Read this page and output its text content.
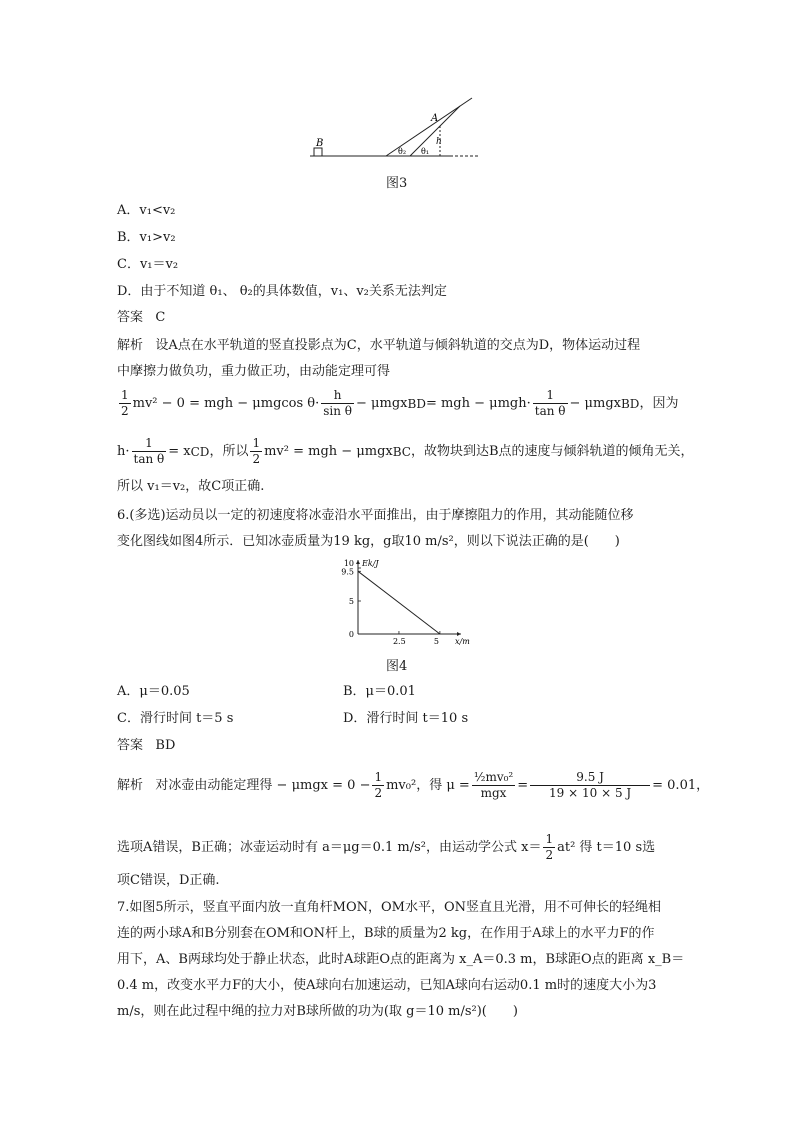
B
A
h
θ₂ θ₁
图3
A．v₁<v₂
B．v₁>v₂
C．v₁＝v₂
D．由于不知道 θ₁、 θ₂的具体数值，v₁、v₂关系无法判定
答案 C
解析 设A点在水平轨道的竖直投影点为C，水平轨道与倾斜轨道的交点为D，物体运动过程
中摩擦力做负功，重力做正功，由动能定理可得
$\frac{1}{2} mv^2 - 0$ = mgh − μmgcos $\theta\cdot \frac{h}{\text{sin θ}} - \mu mgx$ BD = mgh − $\mu mgh\cdot \frac{1}{\text{tan θ}} - \mu mgx$ BD ，因为
$h\cdot \frac{1}{\text{tan θ}} = x$ CD ，所以 $\frac{1}{2} mv^2$ = mgh − μmgx BC ，故物块到达B点的速度与倾斜轨道的倾角无关，
所以 v₁＝v₂，故C项正确.
6.(多选)运动员以一定的初速度将冰壶沿水平面推出，由于摩擦阻力的作用，其动能随位移
变化图线如图4所示．已知冰壶质量为19 kg，g取10 m/s²，则以下说法正确的是(　　)
x/m
Ek/J
2.5	5
0
5
9.5
10
图4
A．μ＝0.05	B．μ＝0.01
C．滑行时间 t＝5 s	D．滑行时间 t＝10 s
答案 BD
解析
对冰壶由动能定理得 − $\mu mgx = 0 - \frac{1}{2} mv_0^2$，得 $\mu = \frac{\text{½mv₀²}}{\text{mgx}} = \frac{9.5 J}{19 \times 10 \times 5 J} = 0.01$，
选项A错误，B正确；冰壶运动时有 a＝μg＝0.1 m/s²，由运动学公式 $x= \frac{1}{2} at^2$ 得 t＝10 s选
项C错误，D正确.
7.如图5所示，竖直平面内放一直角杆MON，OM水平，ON竖直且光滑，用不可伸长的轻绳相
连的两小球A和B分别套在OM和ON杆上，B球的质量为2 kg，在作用于A球上的水平力F的作
用下，A、B两球均处于静止状态，此时A球距O点的距离为 x_A＝0.3 m，B球距O点的距离 x_B＝
0.4 m，改变水平力F的大小，使A球向右加速运动，已知A球向右运动0.1 m时的速度大小为3
m/s，则在此过程中绳的拉力对B球所做的功为(取 g＝10 m/s²)(　　)
